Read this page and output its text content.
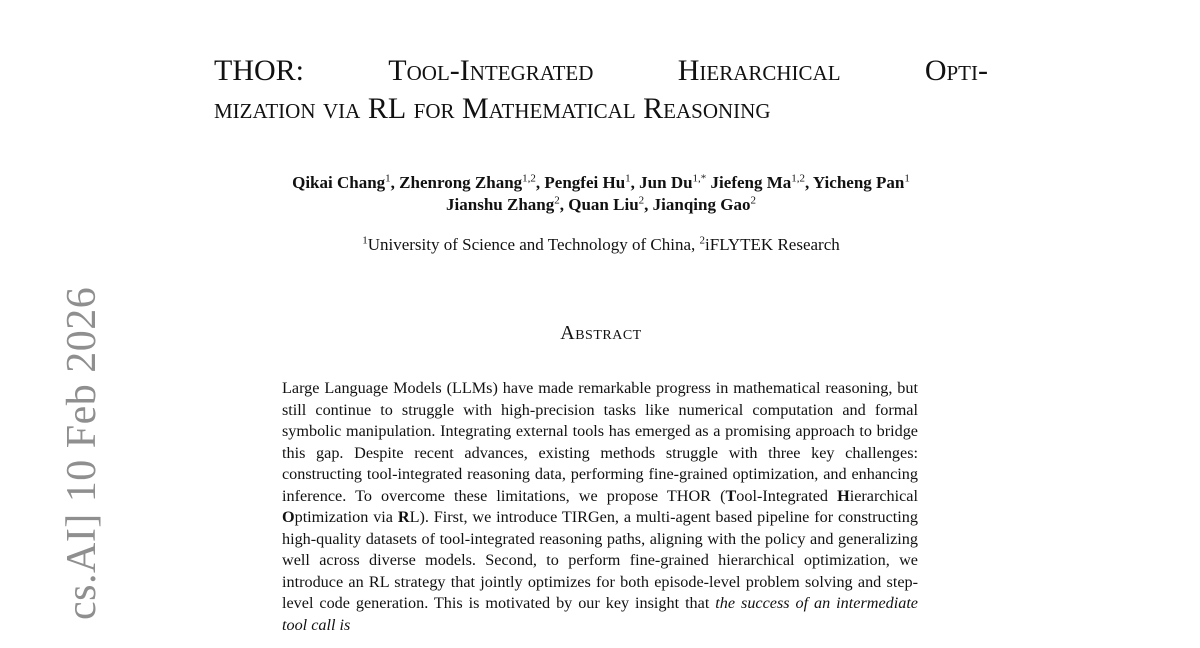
cs.AI] 10 Feb 2026
THOR: Tool-Integrated Hierarchical Opti-
mization via RL for Mathematical Reasoning
Qikai Chang$^1$, Zhenrong Zhang$^{1,2}$, Pengfei Hu$^1$, Jun $Du^{1,*}$ Jiefeng Ma$^{1,2}$, Yicheng Pan$^1$
Jianshu Zhang$^2$, Quan Liu$^2$, Jianqing Gao$^2$
$^1$University of Science and Technology of China, $^2$iFLYTEK Research
Abstract
Large Language Models (LLMs) have made remarkable progress in mathematical reasoning, but still continue to struggle with high-precision tasks like numerical computation and formal symbolic manipulation. Integrating external tools has emerged as a promising approach to bridge this gap. Despite recent advances, existing methods struggle with three key challenges: constructing tool-integrated reasoning data, performing fine-grained optimization, and enhancing inference. To overcome these limitations, we propose THOR (Tool-Integrated Hierarchical Optimization via RL). First, we introduce TIRGen, a multi-agent based pipeline for constructing high-quality datasets of tool-integrated reasoning paths, aligning with the policy and generalizing well across diverse models. Second, to perform fine-grained hierarchical optimization, we introduce an RL strategy that jointly optimizes for both episode-level problem solving and step-level code generation. This is motivated by our key insight that the success of an intermediate tool call is
